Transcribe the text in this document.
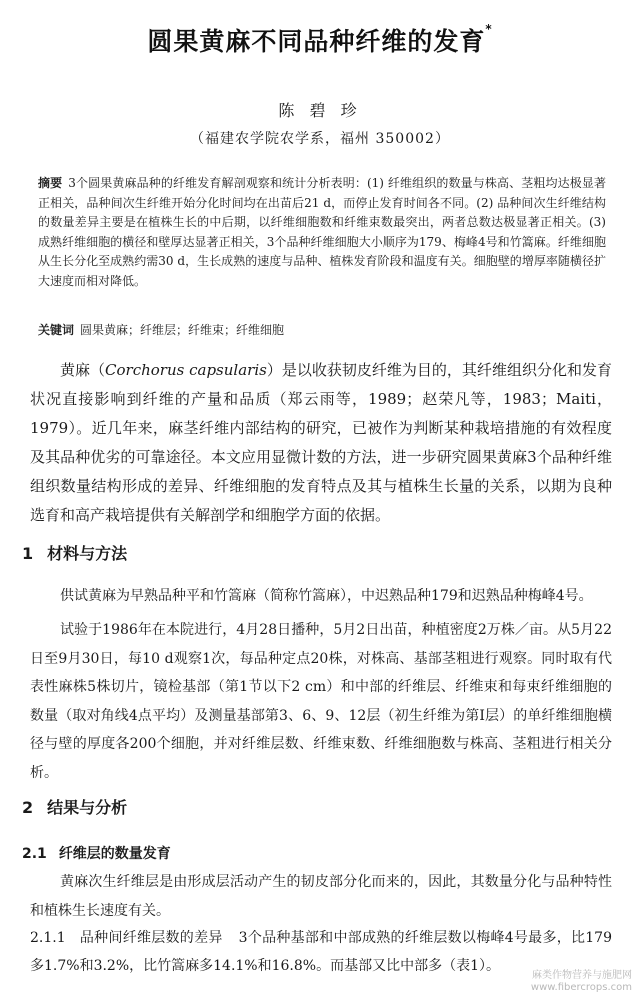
圆果黄麻不同品种纤维的发育*
陈 碧 珍
（福建农学院农学系，福州 350002）
摘要 3个圆果黄麻品种的纤维发育解剖观察和统计分析表明：(1) 纤维组织的数量与株高、茎粗均达极显著正相关，品种间次生纤维开始分化时间均在出苗后21 d，而停止发育时间各不同。(2) 品种间次生纤维结构的数量差异主要是在植株生长的中后期，以纤维细胞数和纤维束数最突出，两者总数达极显著正相关。(3) 成熟纤维细胞的横径和壁厚达显著正相关，3个品种纤维细胞大小顺序为179、梅峰4号和竹篙麻。纤维细胞从生长分化至成熟约需30 d，生长成熟的速度与品种、植株发育阶段和温度有关。细胞壁的增厚率随横径扩大速度而相对降低。
关键词 圆果黄麻；纤维层；纤维束；纤维细胞
黄麻（Corchorus capsularis）是以收获韧皮纤维为目的，其纤维组织分化和发育状况直接影响到纤维的产量和品质（郑云雨等，1989；赵荣凡等，1983；Maiti，1979）。近几年来，麻茎纤维内部结构的研究，已被作为判断某种栽培措施的有效程度及其品种优劣的可靠途径。本文应用显微计数的方法，进一步研究圆果黄麻3个品种纤维组织数量结构形成的差异、纤维细胞的发育特点及其与植株生长量的关系，以期为良种选育和高产栽培提供有关解剖学和细胞学方面的依据。
1 材料与方法
供试黄麻为早熟品种平和竹篙麻（简称竹篙麻），中迟熟品种179和迟熟品种梅峰4号。
试验于1986年在本院进行，4月28日播种，5月2日出苗，种植密度2万株／亩。从5月22日至9月30日，每10 d观察1次，每品种定点20株，对株高、基部茎粗进行观察。同时取有代表性麻株5株切片，镜检基部（第1节以下2 cm）和中部的纤维层、纤维束和每束纤维细胞的数量（取对角线4点平均）及测量基部第3、6、9、12层（初生纤维为第Ⅰ层）的单纤维细胞横径与壁的厚度各200个细胞，并对纤维层数、纤维束数、纤维细胞数与株高、茎粗进行相关分析。
2 结果与分析
2.1 纤维层的数量发育
黄麻次生纤维层是由形成层活动产生的韧皮部分化而来的，因此，其数量分化与品种特性和植株生长速度有关。
2.1.1 品种间纤维层数的差异 3个品种基部和中部成熟的纤维层数以梅峰4号最多，比179多1.7%和3.2%，比竹篙麻多14.1%和16.8%。而基部又比中部多（表1）。
麻类作物营养与施肥网
www.fibercrops.com
